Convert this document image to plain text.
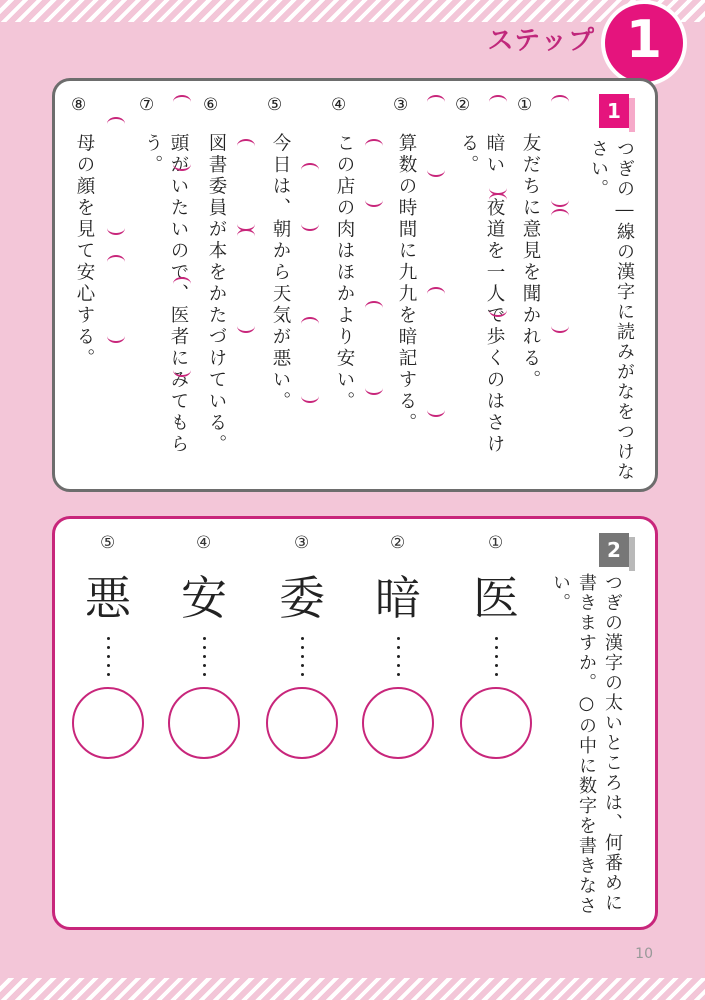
ステップ 1
1
つぎの―線の漢字に読みがなをつけなさい。
①
友だちに意見を聞かれる。
②
暗い　夜道を一人で歩くのはさける。
③
算数の時間に九九を暗記する。
④
この店の肉はほかより安い。
⑤
今日は、朝から天気が悪い。
⑥
図書委員が本をかたづけている。
⑦
頭がいたいので、医者にみてもらう。
⑧
母の顔を見て安心する。
2
つぎの漢字の太いところは、何番めに書きますか。○の中に数字を書きなさい。
①
医
②
暗
③
委
④
安
⑤
悪
10
